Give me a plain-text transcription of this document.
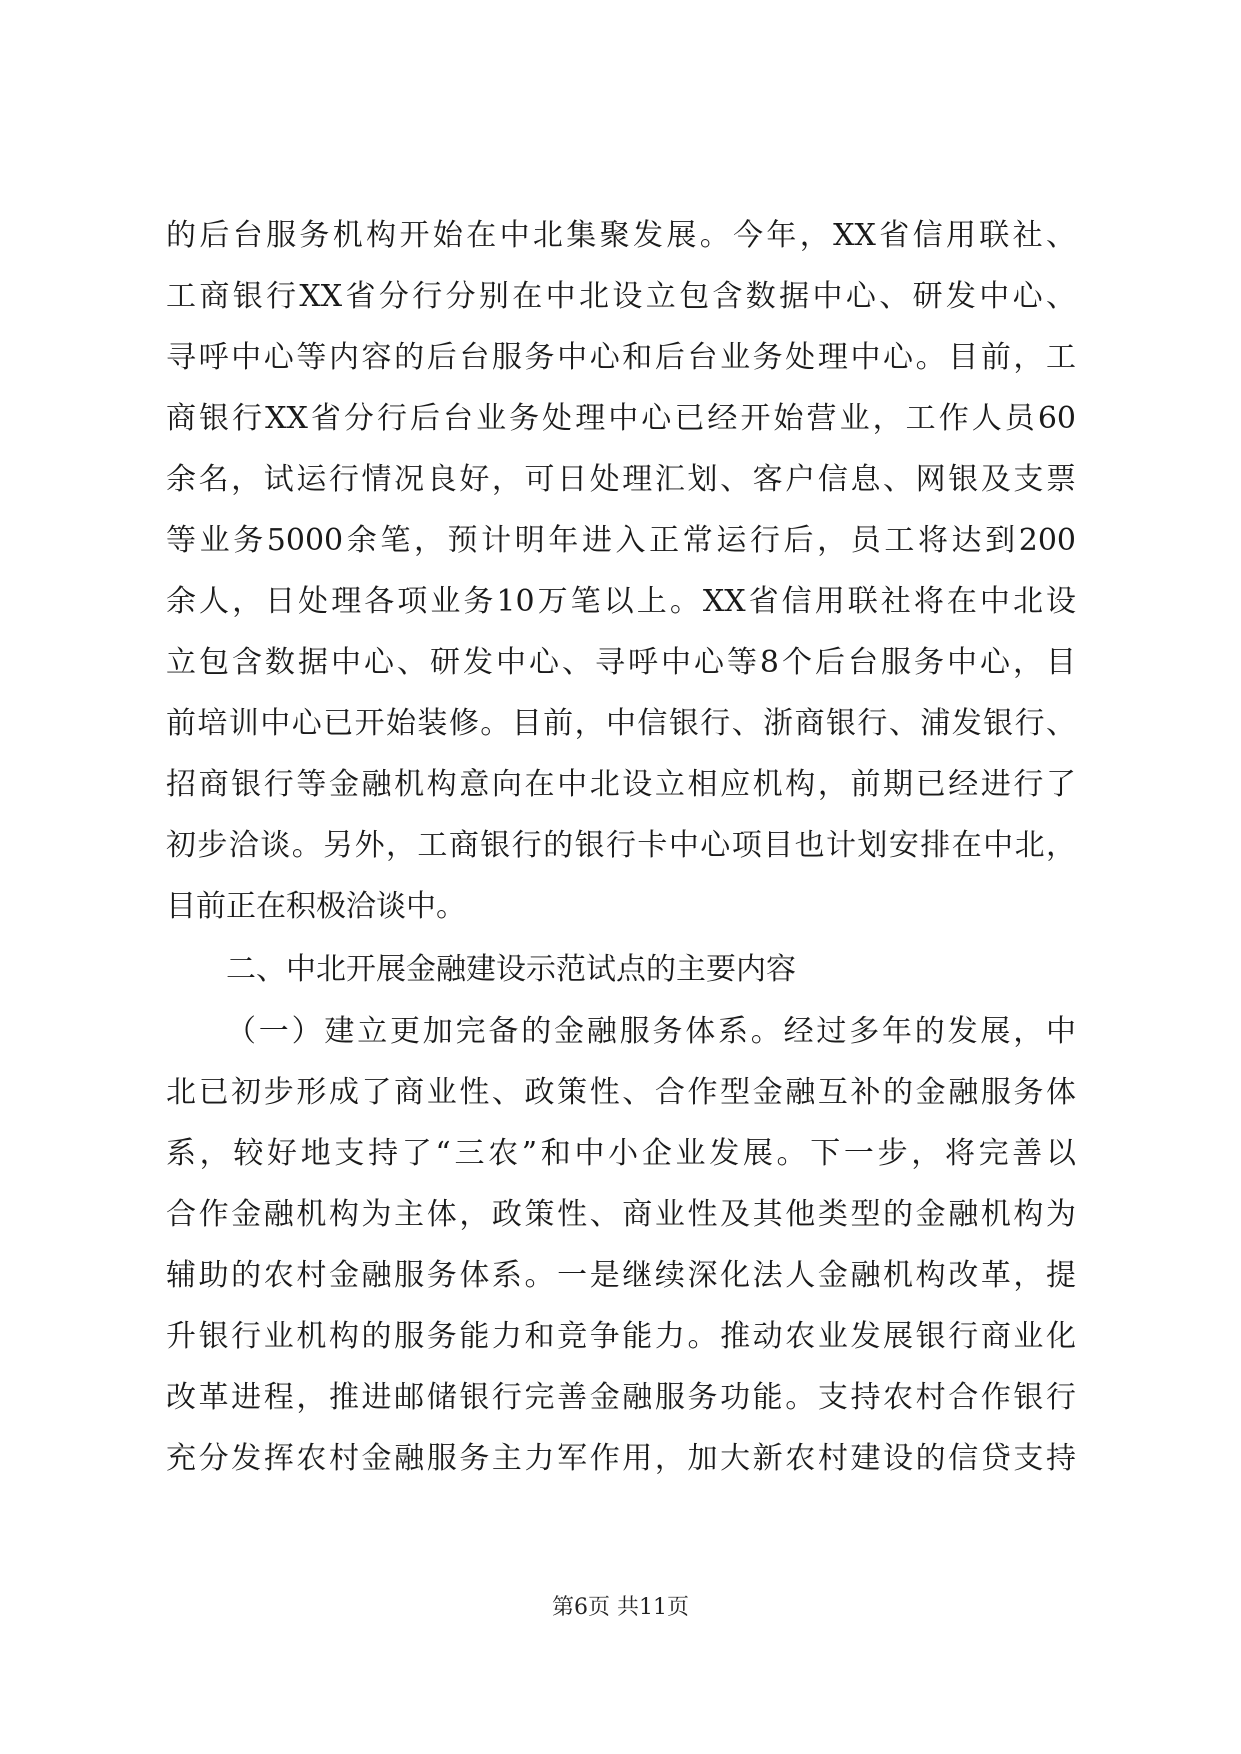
的后台服务机构开始在中北集聚发展。今年，XX省信用联社、
工商银行XX省分行分别在中北设立包含数据中心、研发中心、
寻呼中心等内容的后台服务中心和后台业务处理中心。目前，工
商银行XX省分行后台业务处理中心已经开始营业，工作人员60
余名，试运行情况良好，可日处理汇划、客户信息、网银及支票
等业务5000余笔，预计明年进入正常运行后，员工将达到200
余人，日处理各项业务10万笔以上。XX省信用联社将在中北设
立包含数据中心、研发中心、寻呼中心等8个后台服务中心，目
前培训中心已开始装修。目前，中信银行、浙商银行、浦发银行、
招商银行等金融机构意向在中北设立相应机构，前期已经进行了
初步洽谈。另外，工商银行的银行卡中心项目也计划安排在中北，
目前正在积极洽谈中。
二、中北开展金融建设示范试点的主要内容
（一）建立更加完备的金融服务体系。经过多年的发展，中
北已初步形成了商业性、政策性、合作型金融互补的金融服务体
系，较好地支持了“三农”和中小企业发展。下一步，将完善以
合作金融机构为主体，政策性、商业性及其他类型的金融机构为
辅助的农村金融服务体系。一是继续深化法人金融机构改革，提
升银行业机构的服务能力和竞争能力。推动农业发展银行商业化
改革进程，推进邮储银行完善金融服务功能。支持农村合作银行
充分发挥农村金融服务主力军作用，加大新农村建设的信贷支持
第6页 共11页
